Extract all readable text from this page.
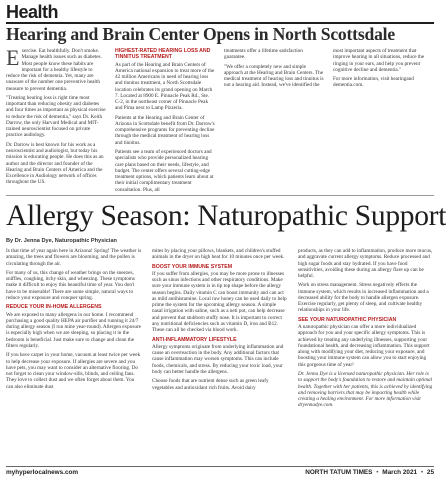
Health
Hearing and Brain Center Opens in North Scottsdale

Exercise. Eat healthfully. Don't smoke. Manage health issues such as diabetes. Most people know these habits are important for a healthy lifestyle to reduce the risk of dementia. Yet, many are unaware of the number one preventive health measure to prevent dementia.

"Treating hearing loss is right time most important than reducing obesity and diabetes and four times as important as physical exercise to reduce the risk of dementia," says Dr. Keith Darrow, the only Harvard Medical and MIT-trained neuroscientist focused on private practice audiology.

Dr. Darrow is best known for his work as a neuroscientist and audiologist, but today his mission is educating people. He does this as an author and the director and founder of the Hearing and Brain Centers of America and the Excellence in Audiology network of offices throughout the US.

HIGHEST-RATED HEARING LOSS AND TINNITUS TREATMENT

As part of the Hearing and Brain Centers of America national expansion to treat more of the 42 million Americans in need of hearing loss and tinnitus treatment, a North Scottsdale location celebrates its grand opening on March 7. Located at 8900 E. Pinnacle Peak Rd., Ste. C-2, in the northeast corner of Pinnacle Peak and Pima next to Lamp Pizzeria.

Patients at the Hearing and Brain Center of Arizona in Scottsdale benefit from Dr. Darrow's comprehensive programs for preventing decline through the medical treatment of hearing loss and tinnitus.

Patients see a team of experienced doctors and specialists who provide personalized hearing care plans based on their needs, lifestyle, and budget. The center offers several cutting-edge treatment options, which patients learn about at their initial complimentary treatment consultation. Plus, all

treatments offer a lifetime satisfaction guarantee.

"We offer a completely new and simple approach at the Hearing and Brain Centers. The medical treatment of hearing loss and tinnitus is not a hearing aid. Instead, we've identified the

most important aspects of treatment that improve hearing in all situations, reduce the ringing in your ears, and help you prevent cognitive decline and dementia."

For more information, visit hearingand​dementia.com.

Allergy Season: Naturopathic Support
By Dr. Jenna Dye, Naturopathic Physician

Is that time of year again here in Arizona! Spring! The weather is amazing, the trees and flowers are blooming, and the pollen is circulating through the air.

For many of us, this change of weather brings on the sneezes, sniffles, coughing, itchy skin, and wheezing. These symptoms make it difficult to enjoy this beautiful time of year. You don't have to be miserable! There are some simple, natural ways to reduce your exposure and conquer spring.

REDUCE YOUR IN-HOME ALLERGENS

We are exposed to many allergens in our home. I recommend purchasing a good quality HEPA air purifier and running it 24/7 during allergy season (I run mine year-round). Allergen exposure is especially high when we are sleeping, so placing it in the bedroom is beneficial. Just make sure to change and clean the filters regularly.

If you have carpet in your home, vacuum at least twice per week to help decrease your exposure. If allergies are severe and you have pets, you may want to consider an alternative flooring. Do not forget to clean your window-sills, blinds, and ceiling fans. They love to collect dust and we often forget about them. You can also eliminate dust

mites by placing your pillows, blankets, and children's stuffed animals in the dryer on high heat for 10 minutes once per week.

BOOST YOUR IMMUNE SYSTEM

If you suffer from allergies, you may be more prone to illnesses such as sinus infections and other respiratory conditions. Make sure your immune system is in tip top shape before the allergy season begins. Daily vitamin C can boost immunity and can act as mild antihistamine. Local raw honey can be used daily to help prime the system for the upcoming allergy season. A simple nasal irrigation with saline, such as a neti pot, can help decrease and prevent that stubborn stuffy nose. It is important to correct any nutritional deficiencies such as vitamin D, iron and B12. These can all be checked via blood work.

ANTI-INFLAMMATORY LIFESTYLE

Allergy symptoms originate from underlying inflammation and cause an overreaction in the body. Any additional factors that cause inflammation may worsen symptoms. This can include foods, chemicals, and stress. By reducing your toxic load, your body can better handle the allergens.

Choose foods that are nutrient dense such as green leafy vegetables and antioxidant rich fruits. Avoid dairy

products, as they can add to inflammation, produce more mucus, and aggravate current allergy symptoms. Reduce processed and high sugar foods and stay hydrated. If you have food sensitivities, avoiding these during an allergy flare up can be helpful.

Work on stress management. Stress negatively effects the immune system, which results in increased inflammation and a decreased ability for the body to handle allergen exposure. Exercise regularly, get plenty of sleep, and cultivate healthy relationships in your life.

SEE YOUR NATUROPATHIC PHYSICIAN

A naturopathic physician can offer a more individualized approach for you and your specific allergy symptoms. This is achieved by treating any underlying illnesses, supporting your foundational health, and decreasing inflammation. This support along with modifying your diet, reducing your exposure, and boosting your immune system can allow you to start enjoying this gorgeous time of year!

Dr. Jenna Dye is a licensed naturopathic physician. Her role is to support the body's foundation to restore and maintain optimal health. Together with her patients, this is achieved by identifying and removing barriers that may be impacting health while creating a healing environment. For more information visit dryennadye.com.

myhyperlocalnews.com	NORTH TATUM TIMES • March 2021 • 25
